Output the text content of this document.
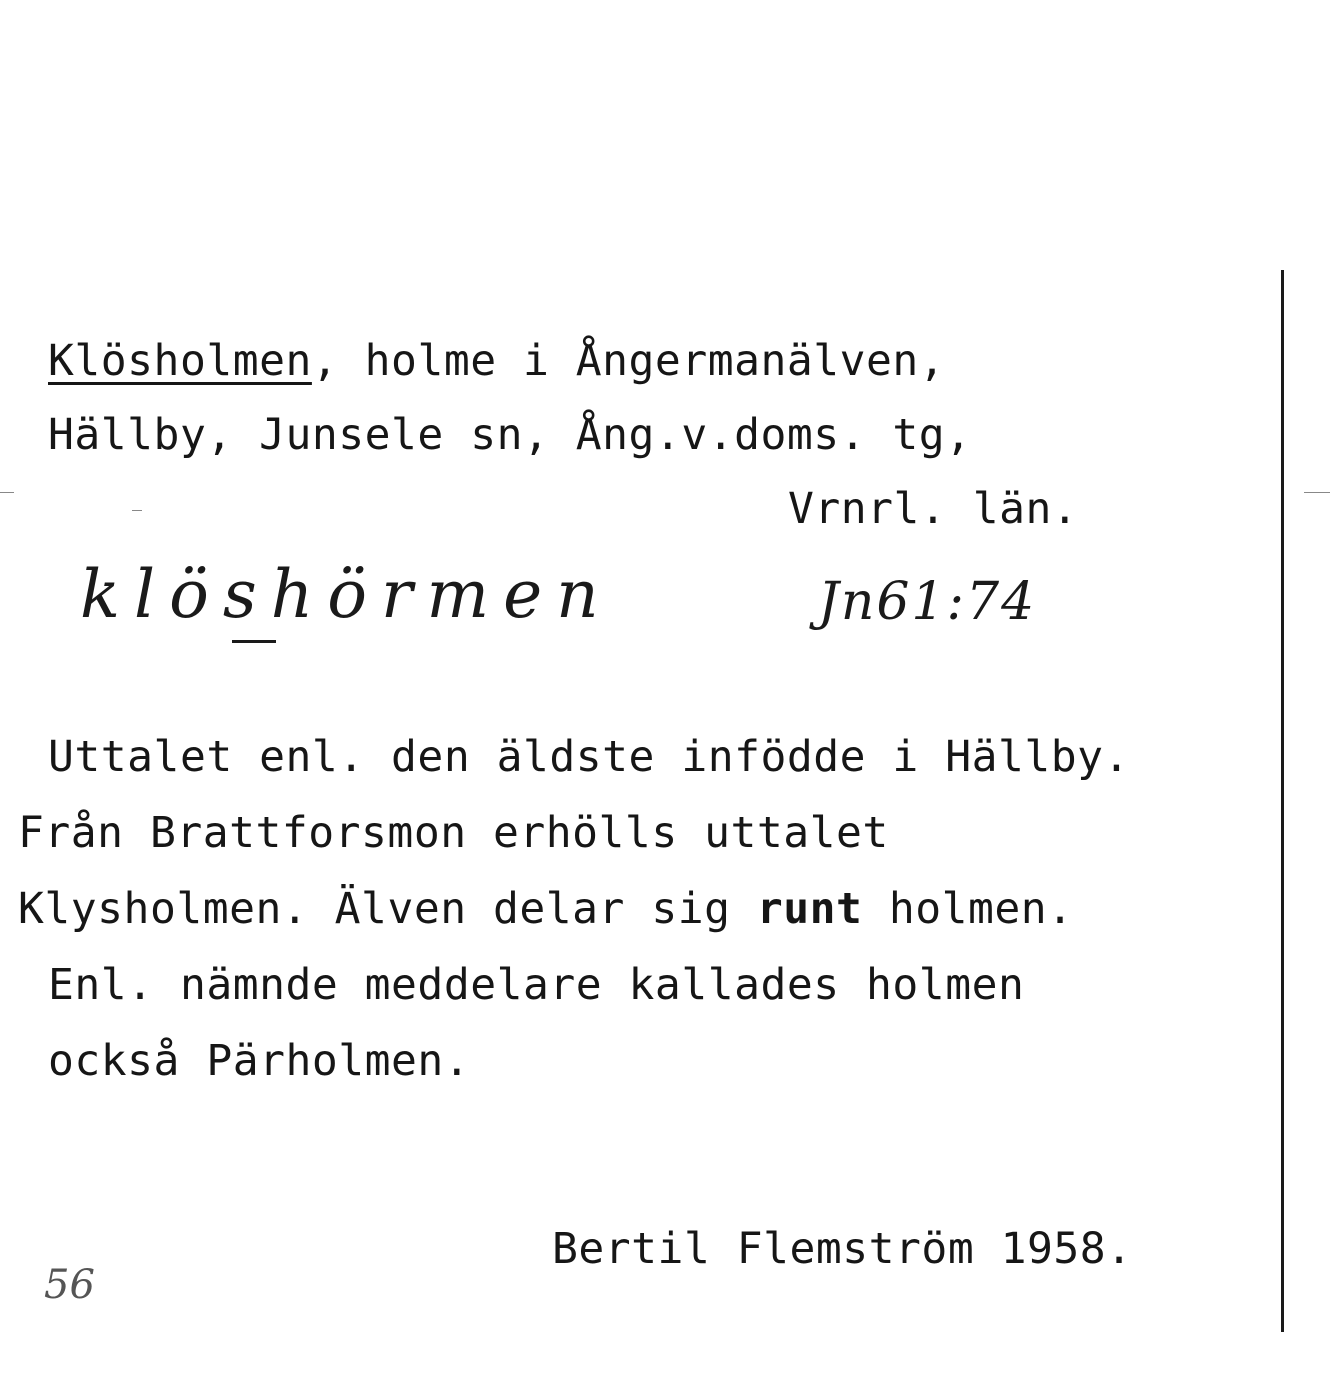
Klösholmen, holme i Ångermanälven,
Hällby, Junsele sn, Ång.v.doms. tg,
Vrnrl. län.
klöshörmen	Jn61:74
Uttalet enl. den äldste infödde i Hällby.
Från Brattforsmon erhölls uttalet
Klysholmen. Älven delar sig runt holmen.
Enl. nämnde meddelare kallades holmen
också Pärholmen.
Bertil Flemström 1958.
56
